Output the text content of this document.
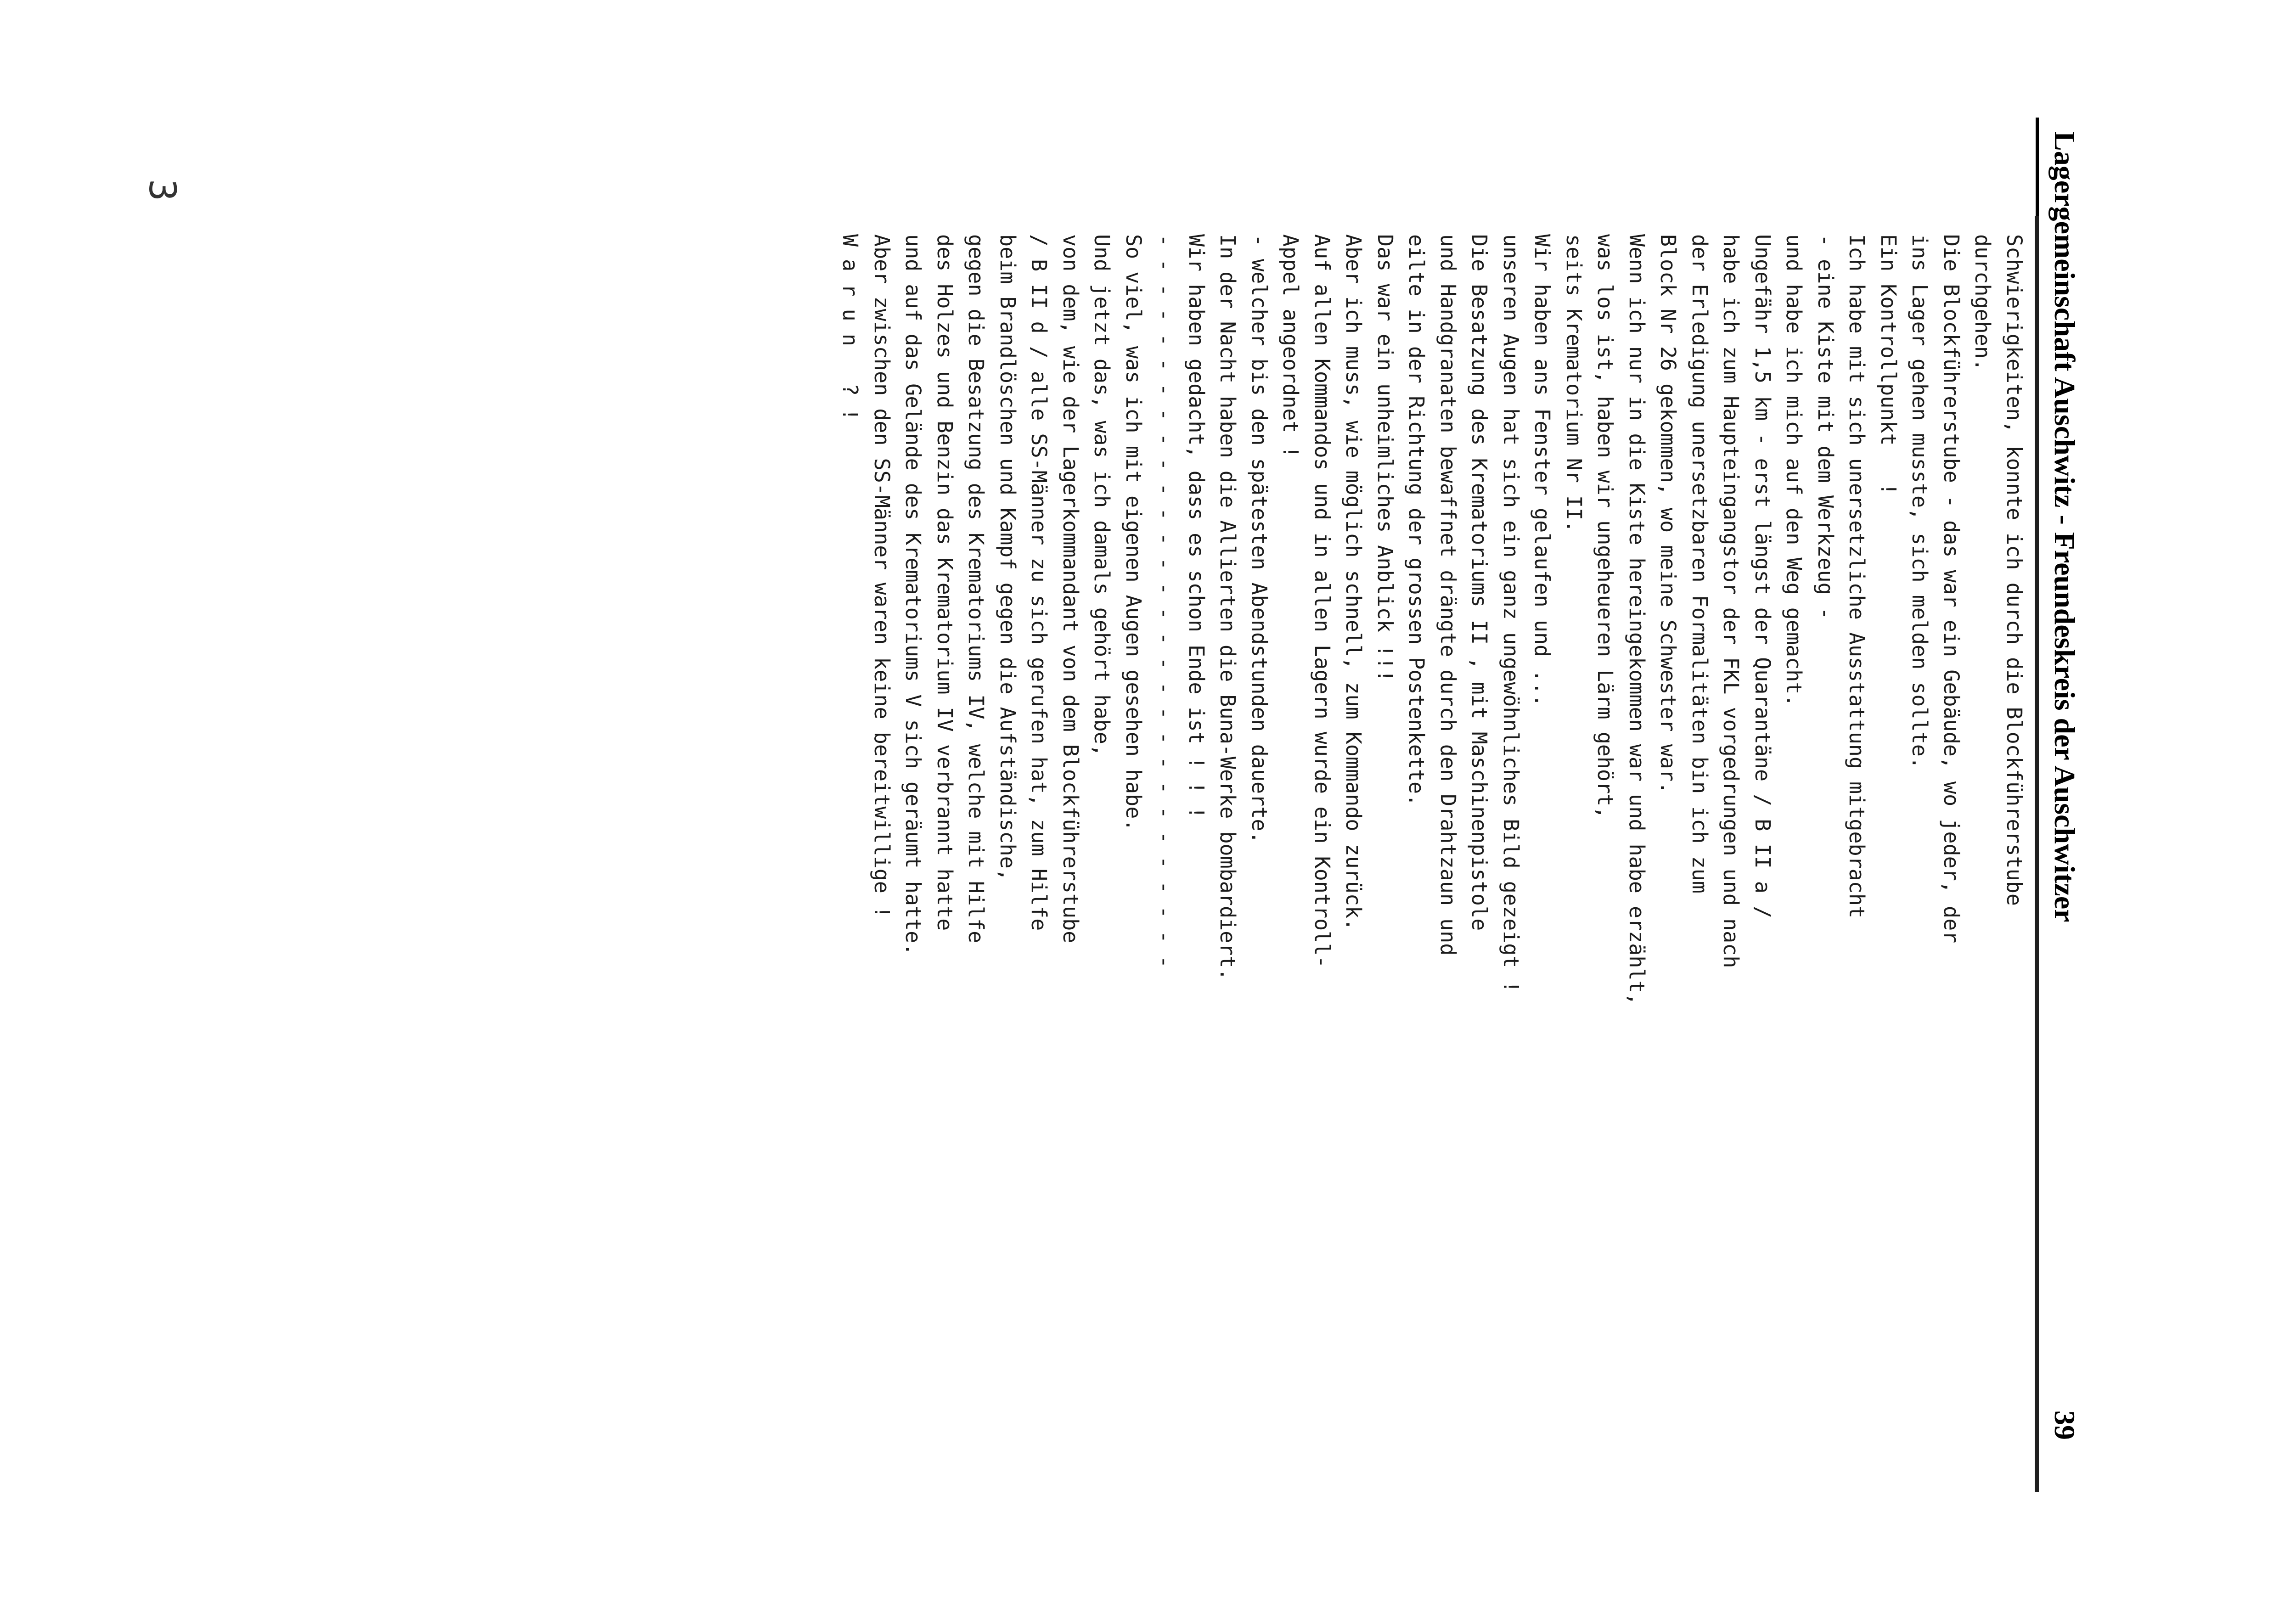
Lagergemeinschaft Auschwitz - Freundeskreis der Auschwitzer
39
Schwierigkeiten, konnte ich durch die Blockführerstube
durchgehen.
Die Blockführerstube - das war ein Gebäude, wo jeder, der
ins Lager gehen musste, sich melden sollte.
Ein Kontrollpunkt   !
Ich habe mit sich unersetzliche Ausstattung mitgebracht
- eine Kiste mit dem Werkzeug -
und habe ich mich auf den Weg gemacht.
Ungefähr 1,5 km - erst längst der Quarantäne / B II a /
habe ich zum Haupteingangstor der FKL vorgedrungen und nach
der Erledigung unersetzbaren Formalitäten bin ich zum
Block Nr 26 gekommen, wo meine Schwester war.
Wenn ich nur in die Kiste hereingekommen war und habe erzählt,
was los ist, haben wir ungeheueren Lärm gehört,
seits Krematorium Nr II.
Wir haben ans Fenster gelaufen und ...
unseren Augen hat sich ein ganz ungewöhnliches Bild gezeigt !
Die Besatzung des Krematoriums II , mit Maschinenpistole
und Handgranaten bewaffnet drängte durch den Drahtzaun und
eilte in der Richtung der grossen Postenkette.
Das war ein unheimliches Anblick !!!
Aber ich muss, wie möglich schnell, zum Kommando zurück.
Auf allen Kommandos und in allen Lagern wurde ein Kontroll-
Appel angeordnet !
- welcher bis den spätesten Abendstunden dauerte.
In der Nacht haben die Allierten die Buna-Werke bombardiert.
Wir haben gedacht, dass es schon Ende ist ! ! !
- - - - - - - - - - - - - - - - - - - - - - - - - - - - - -
So viel, was ich mit eigenen Augen gesehen habe.
Und jetzt das, was ich damals gehört habe,
von dem, wie der Lagerkommandant von dem Blockführerstube
/ B II d / alle SS-Männer zu sich gerufen hat, zum Hilfe
beim Brandlöschen und Kampf gegen die Aufständische,
gegen die Besatzung des Krematoriums IV, welche mit Hilfe
des Holzes und Benzin das Krematorium IV verbrannt hatte
und auf das Gelände des Krematoriums V sich geräumt hatte.
Aber zwischen den SS-Männer waren keine bereitwillige !
W a r u n   ? !
3
